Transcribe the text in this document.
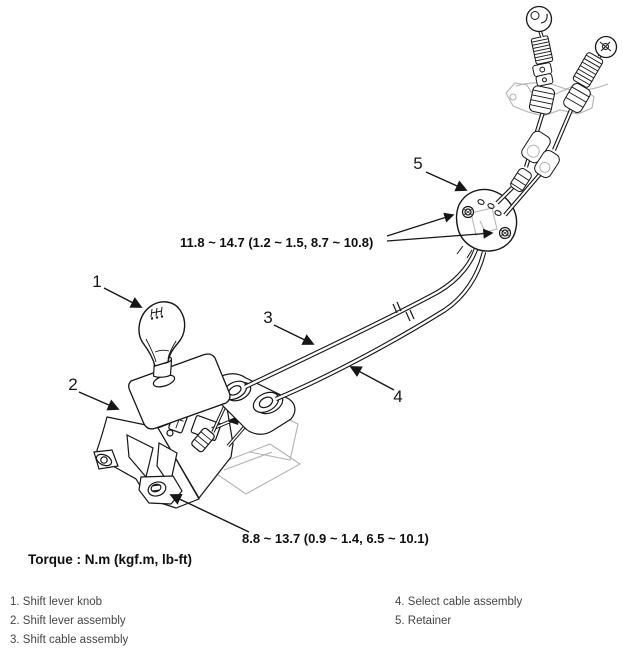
1
2
3
4
5
11.8 ~ 14.7 (1.2 ~ 1.5, 8.7 ~ 10.8)
8.8 ~ 13.7 (0.9 ~ 1.4, 6.5 ~ 10.1)
Torque : N.m (kgf.m, lb-ft)
1. Shift lever knob
2. Shift lever assembly
3. Shift cable assembly
4. Select cable assembly
5. Retainer
